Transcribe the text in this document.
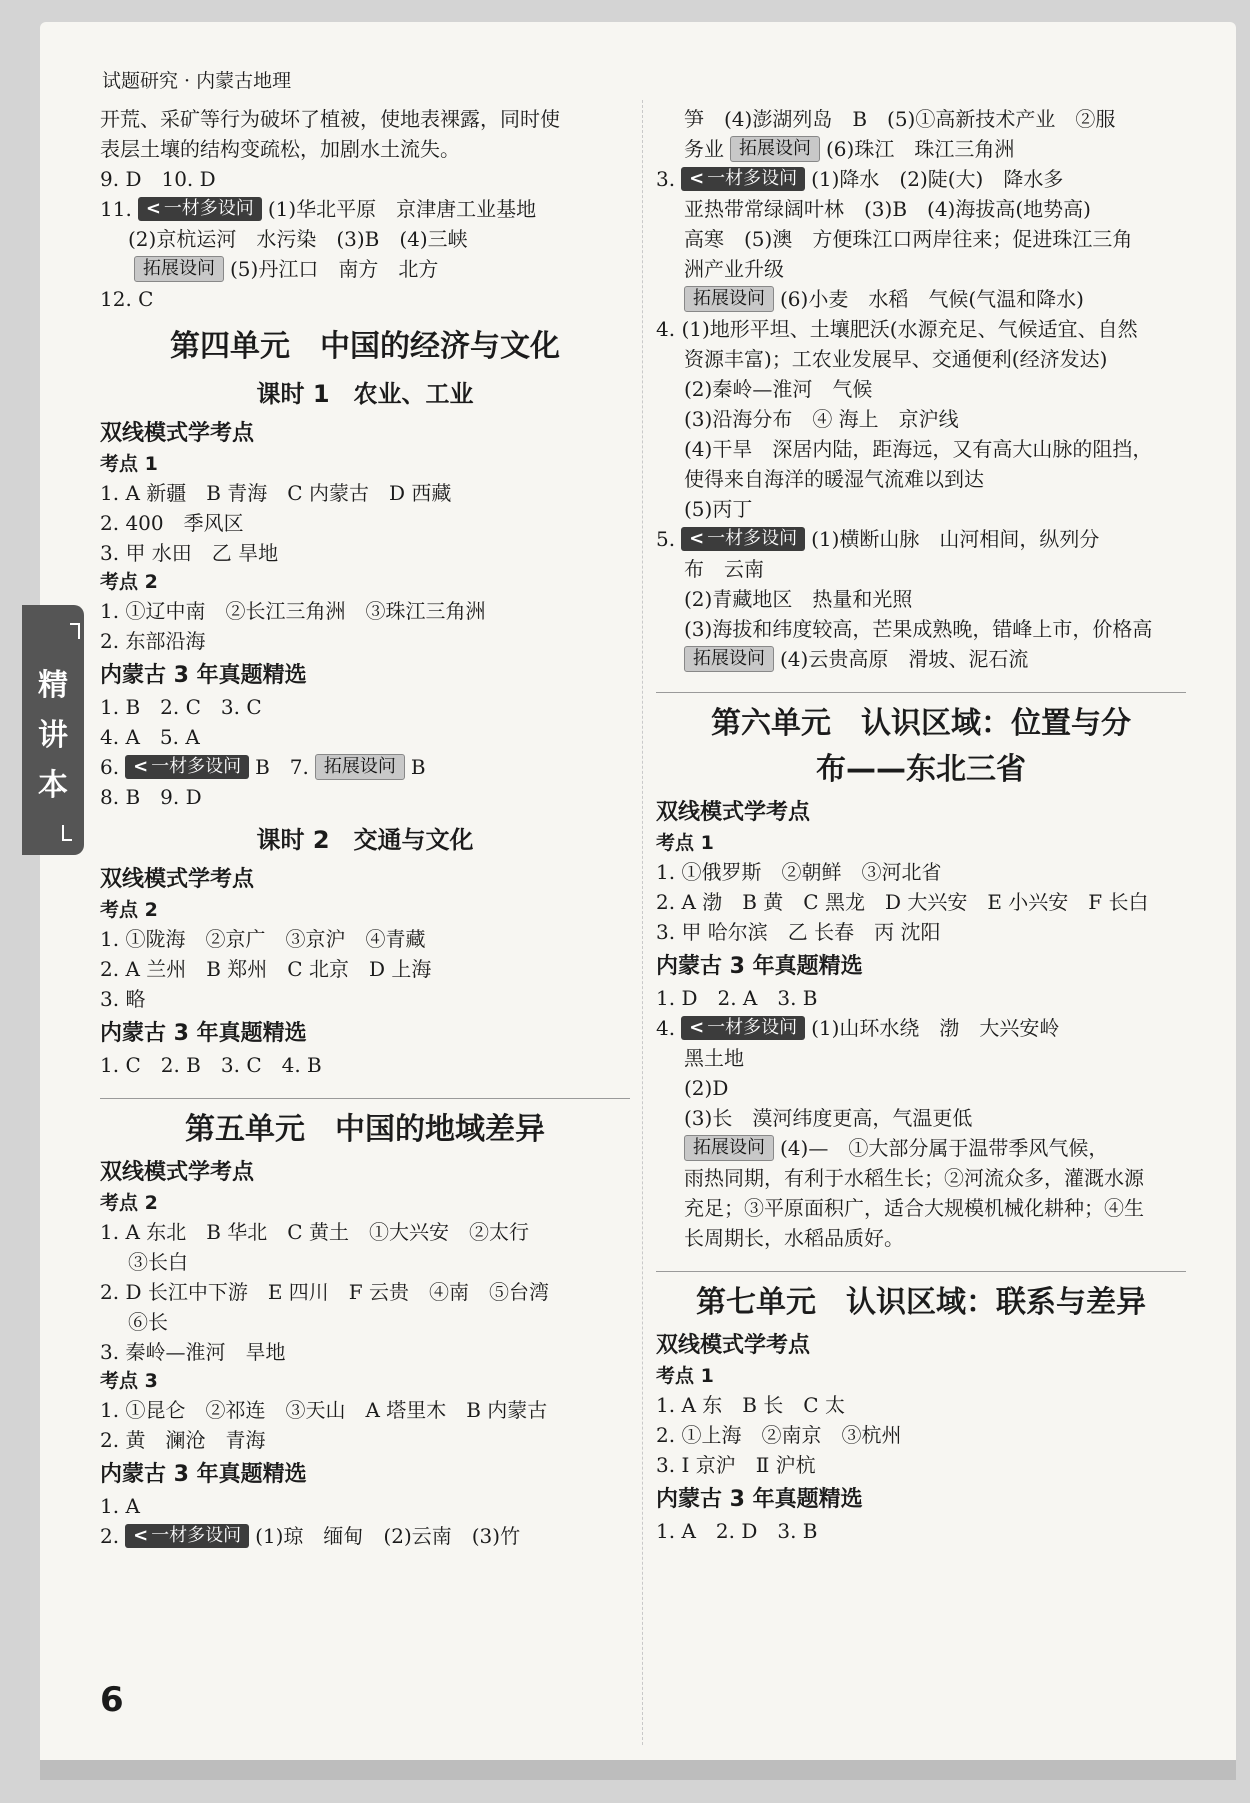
试题研究 · 内蒙古地理
精
讲
本
开荒、采矿等行为破坏了植被，使地表裸露，同时使
表层土壤的结构变疏松，加剧水土流失。
9. D　10. D
11. < 一材多设问 (1)华北平原　京津唐工业基地
(2)京杭运河　水污染　(3)B　(4)三峡
拓展设问 (5)丹江口　南方　北方
12. C
第四单元　中国的经济与文化
课时 1　农业、工业
双线模式学考点
考点 1
1. A 新疆　B 青海　C 内蒙古　D 西藏
2. 400　季风区
3. 甲 水田　乙 旱地
考点 2
1. ①辽中南　②长江三角洲　③珠江三角洲
2. 东部沿海
内蒙古 3 年真题精选
1. B　2. C　3. C
4. A　5. A
6. < 一材多设问 B　7. 拓展设问 B
8. B　9. D
课时 2　交通与文化
双线模式学考点
考点 2
1. ①陇海　②京广　③京沪　④青藏
2. A 兰州　B 郑州　C 北京　D 上海
3. 略
内蒙古 3 年真题精选
1. C　2. B　3. C　4. B
第五单元　中国的地域差异
双线模式学考点
考点 2
1. A 东北　B 华北　C 黄土　①大兴安　②太行
③长白
2. D 长江中下游　E 四川　F 云贵　④南　⑤台湾
⑥长
3. 秦岭—淮河　旱地
考点 3
1. ①昆仑　②祁连　③天山　A 塔里木　B 内蒙古
2. 黄　澜沧　青海
内蒙古 3 年真题精选
1. A
2. < 一材多设问 (1)琼　缅甸　(2)云南　(3)竹
笋　(4)澎湖列岛　B　(5)①高新技术产业　②服
务业 拓展设问 (6)珠江　珠江三角洲
3. < 一材多设问 (1)降水　(2)陡(大)　降水多
亚热带常绿阔叶林　(3)B　(4)海拔高(地势高)
高寒　(5)澳　方便珠江口两岸往来；促进珠江三角
洲产业升级
拓展设问 (6)小麦　水稻　气候(气温和降水)
4. (1)地形平坦、土壤肥沃(水源充足、气候适宜、自然
资源丰富)；工农业发展早、交通便利(经济发达)
(2)秦岭—淮河　气候
(3)沿海分布　④ 海上　京沪线
(4)干旱　深居内陆，距海远，又有高大山脉的阻挡，
使得来自海洋的暖湿气流难以到达
(5)丙丁
5. < 一材多设问 (1)横断山脉　山河相间，纵列分
布　云南
(2)青藏地区　热量和光照
(3)海拔和纬度较高，芒果成熟晚，错峰上市，价格高
拓展设问 (4)云贵高原　滑坡、泥石流
第六单元　认识区域：位置与分
布——东北三省
双线模式学考点
考点 1
1. ①俄罗斯　②朝鲜　③河北省
2. A 渤　B 黄　C 黑龙　D 大兴安　E 小兴安　F 长白
3. 甲 哈尔滨　乙 长春　丙 沈阳
内蒙古 3 年真题精选
1. D　2. A　3. B
4. < 一材多设问 (1)山环水绕　渤　大兴安岭
黑土地
(2)D
(3)长　漠河纬度更高，气温更低
拓展设问 (4)—　①大部分属于温带季风气候，
雨热同期，有利于水稻生长；②河流众多，灌溉水源
充足；③平原面积广，适合大规模机械化耕种；④生
长周期长，水稻品质好。
第七单元　认识区域：联系与差异
双线模式学考点
考点 1
1. A 东　B 长　C 太
2. ①上海　②南京　③杭州
3. Ⅰ 京沪　Ⅱ 沪杭
内蒙古 3 年真题精选
1. A　2. D　3. B
6
